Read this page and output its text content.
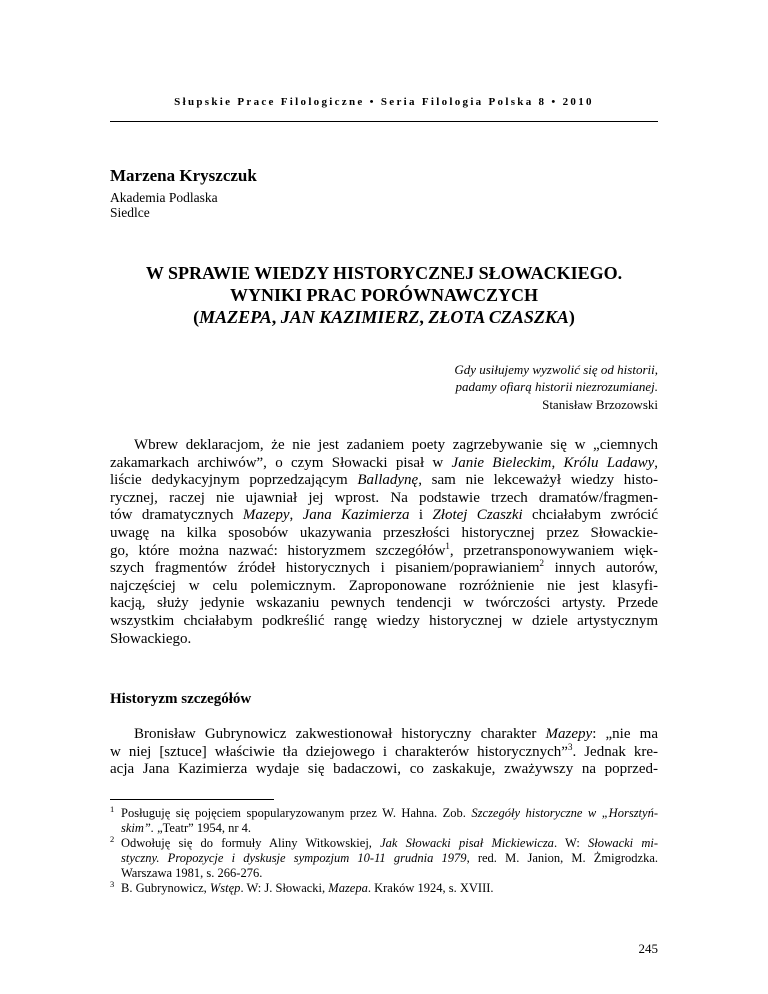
Słupskie Prace Filologiczne • Seria Filologia Polska 8 • 2010
Marzena Kryszczuk
Akademia Podlaska
Siedlce
W SPRAWIE WIEDZY HISTORYCZNEJ SŁOWACKIEGO.
WYNIKI PRAC PORÓWNAWCZYCH
(MAZEPA, JAN KAZIMIERZ, ZŁOTA CZASZKA)
Gdy usiłujemy wyzwolić się od historii,
padamy ofiarą historii niezrozumianej.
Stanisław Brzozowski
Wbrew deklaracjom, że nie jest zadaniem poety zagrzebywanie się w „ciemnych
zakamarkach archiwów”, o czym Słowacki pisał w Janie Bieleckim, Królu Ladawy,
liście dedykacyjnym poprzedzającym Balladynę, sam nie lekceważył wiedzy histo-
rycznej, raczej nie ujawniał jej wprost. Na podstawie trzech dramatów/fragmen-
tów dramatycznych Mazepy, Jana Kazimierza i Złotej Czaszki chciałabym zwrócić
uwagę na kilka sposobów ukazywania przeszłości historycznej przez Słowackie-
go, które można nazwać: historyzmem szczegółów$^1$, przetransponowywaniem więk-
szych fragmentów źródeł historycznych i pisaniem/poprawianiem$^2$ innych autorów,
najczęściej w celu polemicznym. Zaproponowane rozróżnienie nie jest klasyfi-
kacją, służy jedynie wskazaniu pewnych tendencji w twórczości artysty. Przede
wszystkim chciałabym podkreślić rangę wiedzy historycznej w dziele artystycznym
Słowackiego.
Historyzm szczegółów
Bronisław Gubrynowicz zakwestionował historyczny charakter Mazepy: „nie ma
w niej [sztuce] właściwie tła dziejowego i charakterów historycznych”$^3$. Jednak kre-
acja Jana Kazimierza wydaje się badaczowi, co zaskakuje, zważywszy na poprzed-
1 Posługuję się pojęciem spopularyzowanym przez W. Hahna. Zob. Szczegóły historyczne w „Horsztyń-
skim”. „Teatr” 1954, nr 4.
2 Odwołuję się do formuły Aliny Witkowskiej, Jak Słowacki pisał Mickiewicza. W: Słowacki mi-
styczny. Propozycje i dyskusje sympozjum 10-11 grudnia 1979, red. M. Janion, M. Żmigrodzka.
Warszawa 1981, s. 266-276.
3 B. Gubrynowicz, Wstęp. W: J. Słowacki, Mazepa. Kraków 1924, s. XVIII.
245
